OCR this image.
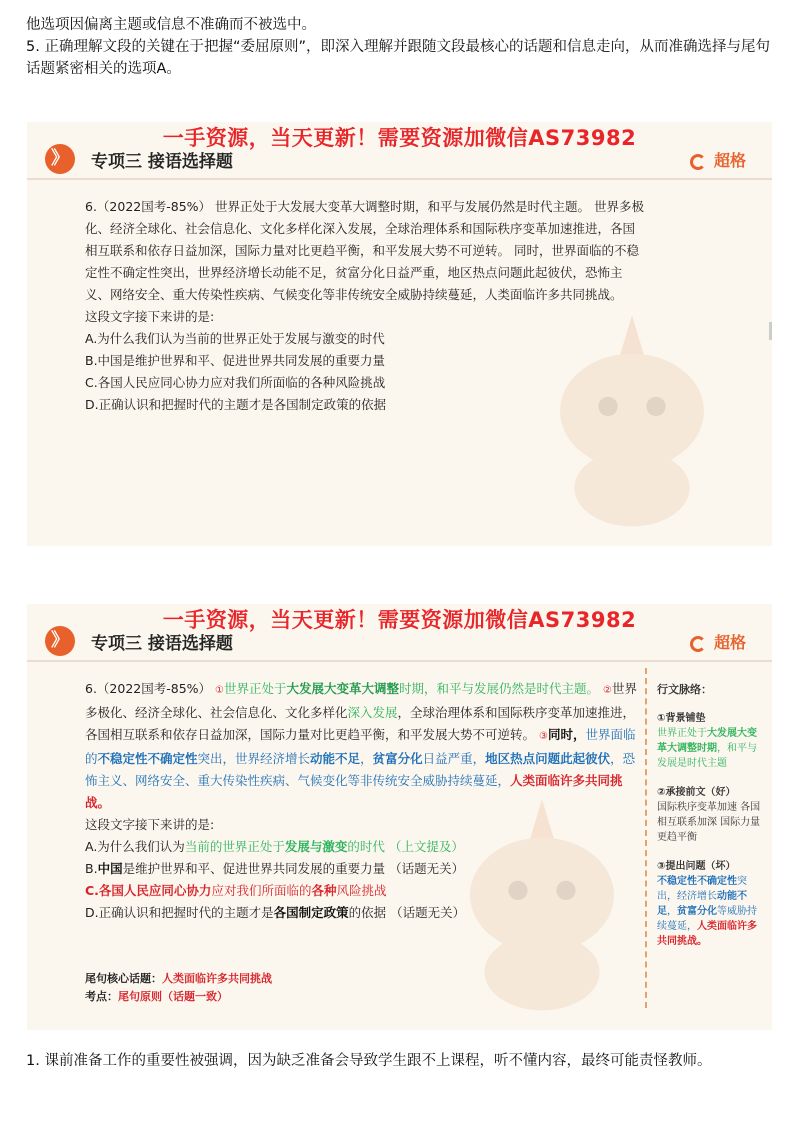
他选项因偏离主题或信息不准确而不被选中。

5. 正确理解文段的关键在于把握“委屈原则”，即深入理解并跟随文段最核心的话题和信息走向，从而准确选择与尾句话题紧密相关的选项A。

一手资源，当天更新！需要资源加微信AS73982
》	专项三 接语选择题	超格

6.（2022国考-85%） 世界正处于大发展大变革大调整时期，和平与发展仍然是时代主题。 世界多极化、经济全球化、社会信息化、文化多样化深入发展，全球治理体系和国际秩序变革加速推进，各国相互联系和依存日益加深，国际力量对比更趋平衡，和平发展大势不可逆转。 同时，世界面临的不稳定性不确定性突出，世界经济增长动能不足，贫富分化日益严重，地区热点问题此起彼伏，恐怖主义、网络安全、重大传染性疾病、气候变化等非传统安全威胁持续蔓延，人类面临许多共同挑战。

这段文字接下来讲的是:

A.为什么我们认为当前的世界正处于发展与激变的时代

B.中国是维护世界和平、促进世界共同发展的重要力量

C.各国人民应同心协力应对我们所面临的各种风险挑战

D.正确认识和把握时代的主题才是各国制定政策的依据

一手资源，当天更新！需要资源加微信AS73982
》	专项三 接语选择题	超格

6.（2022国考-85%） ①世界正处于大发展大变革大调整时期，和平与发展仍然是时代主题。 ②世界多极化、经济全球化、社会信息化、文化多样化深入发展，全球治理体系和国际秩序变革加速推进，各国相互联系和依存日益加深，国际力量对比更趋平衡，和平发展大势不可逆转。 ③同时，世界面临的不稳定性不确定性突出，世界经济增长动能不足，贫富分化日益严重，地区热点问题此起彼伏，恐怖主义、网络安全、重大传染性疾病、气候变化等非传统安全威胁持续蔓延，人类面临许多共同挑战。

这段文字接下来讲的是:

A.为什么我们认为当前的世界正处于发展与激变的时代 （上文提及）

B.中国是维护世界和平、促进世界共同发展的重要力量 （话题无关）

C.各国人民应同心协力应对我们所面临的各种风险挑战

D.正确认识和把握时代的主题才是各国制定政策的依据 （话题无关）

尾句核心话题：人类面临许多共同挑战
考点：尾句原则（话题一致）
行文脉络：
①背景铺垫
世界正处于大发展大变革大调整时期，和平与发展是时代主题
②承接前文（好）
国际秩序变革加速 各国相互联系加深 国际力量更趋平衡
③提出问题（坏）
不稳定性不确定性突出，经济增长动能不足，贫富分化等威胁持续蔓延，人类面临许多共同挑战。

1. 课前准备工作的重要性被强调，因为缺乏准备会导致学生跟不上课程，听不懂内容，最终可能责怪教师。
